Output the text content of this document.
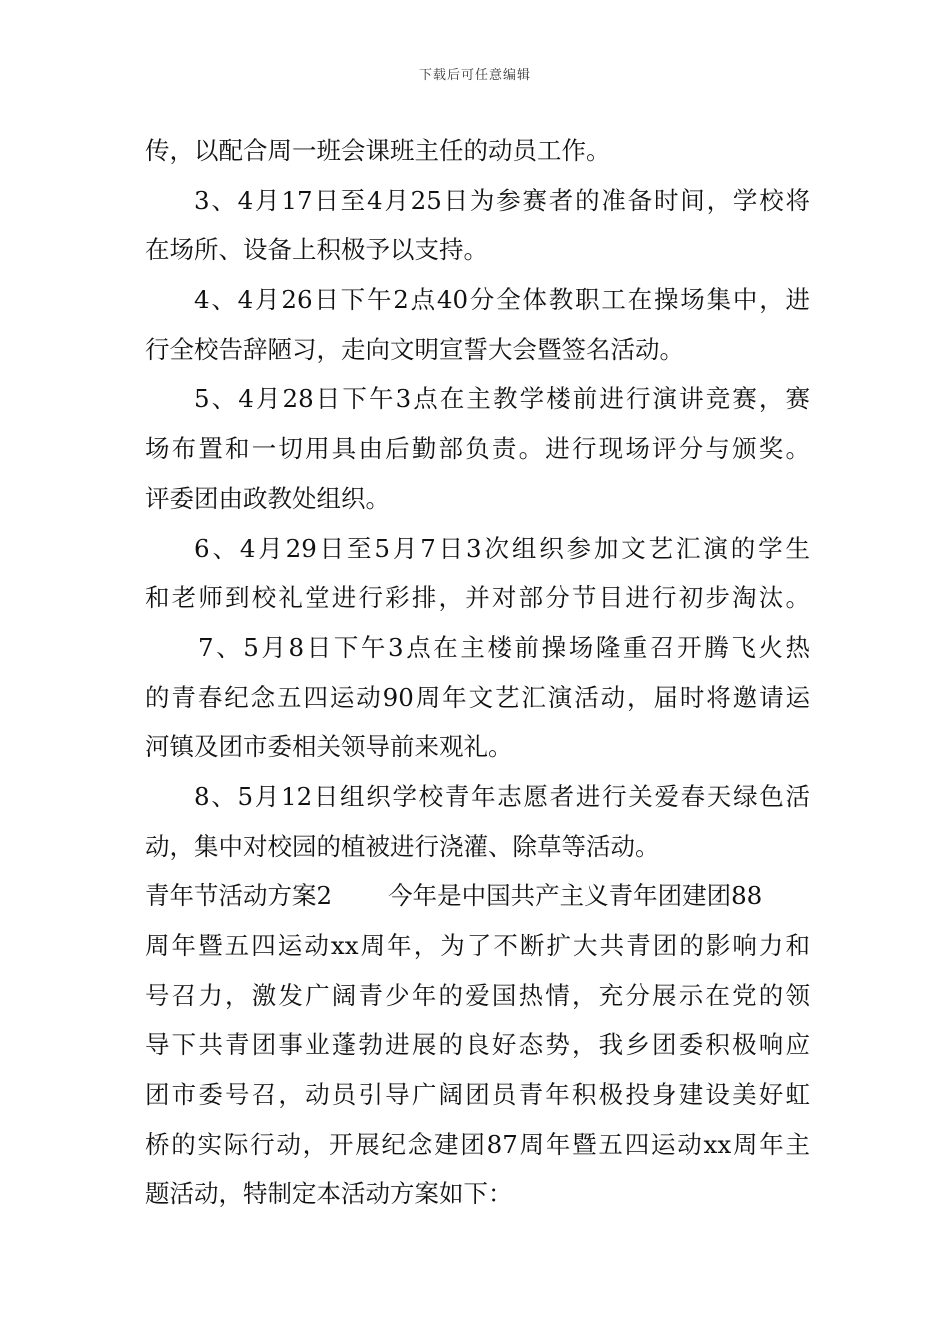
下载后可任意编辑
传，以配合周一班会课班主任的动员工作。
3、4月17日至4月25日为参赛者的准备时间，学校将
在场所、设备上积极予以支持。
4、4月26日下午2点40分全体教职工在操场集中，进
行全校告辞陋习，走向文明宣誓大会暨签名活动。
5、4月28日下午3点在主教学楼前进行演讲竞赛，赛
场布置和一切用具由后勤部负责。进行现场评分与颁奖。
评委团由政教处组织。
6、4月29日至5月7日3次组织参加文艺汇演的学生
和老师到校礼堂进行彩排，并对部分节目进行初步淘汰。
7、5月8日下午3点在主楼前操场隆重召开腾飞火热
的青春纪念五四运动90周年文艺汇演活动，届时将邀请运
河镇及团市委相关领导前来观礼。
8、5月12日组织学校青年志愿者进行关爱春天绿色活
动，集中对校园的植被进行浇灌、除草等活动。
青年节活动方案2 今年是中国共产主义青年团建团88
周年暨五四运动xx周年，为了不断扩大共青团的影响力和
号召力，激发广阔青少年的爱国热情，充分展示在党的领
导下共青团事业蓬勃进展的良好态势，我乡团委积极响应
团市委号召，动员引导广阔团员青年积极投身建设美好虹
桥的实际行动，开展纪念建团87周年暨五四运动xx周年主
题活动，特制定本活动方案如下：
